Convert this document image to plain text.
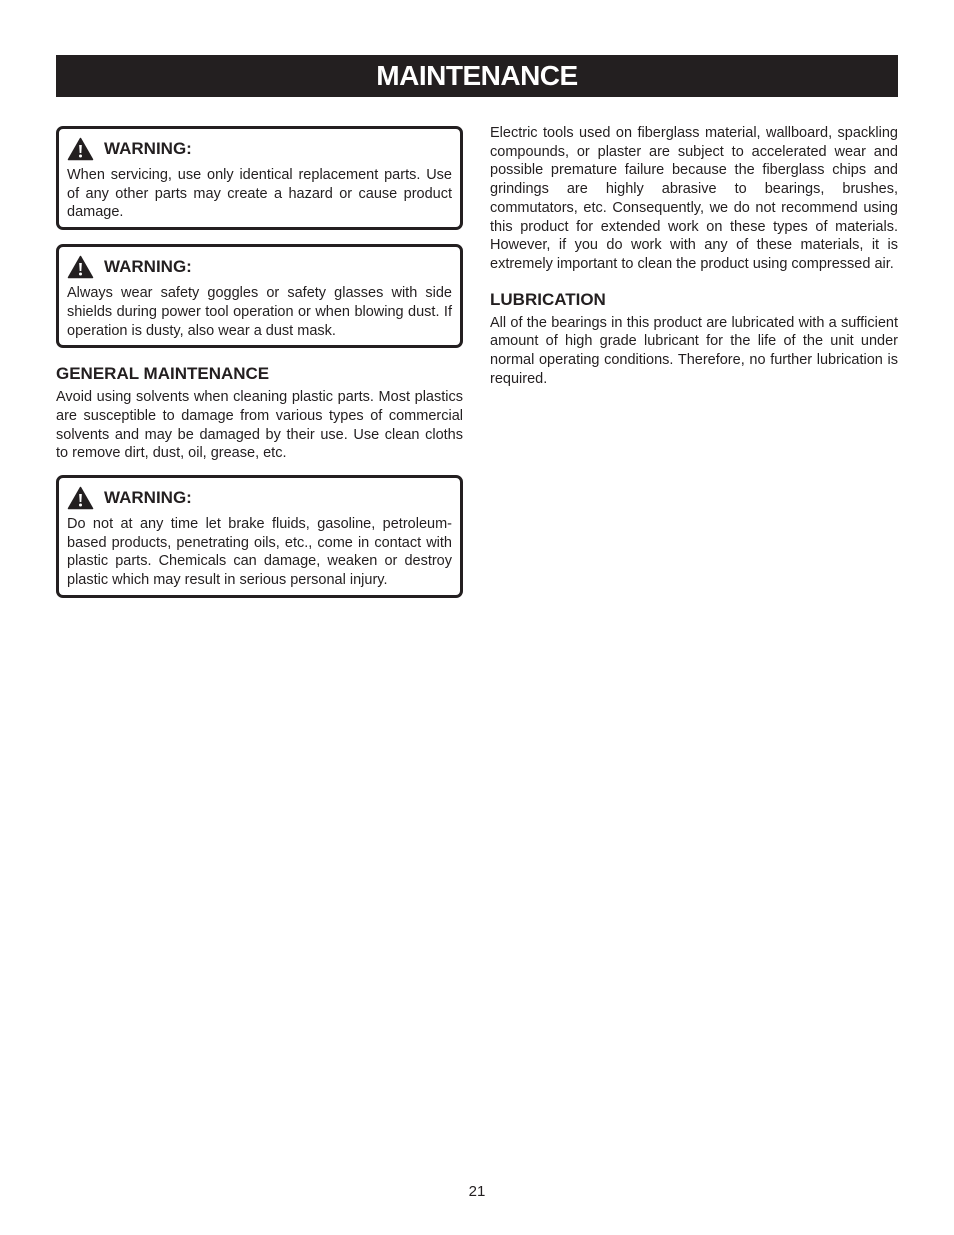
MAINTENANCE
WARNING:

When servicing, use only identical replacement parts. Use of any other parts may create a hazard or cause product damage.

WARNING:

Always wear safety goggles or safety glasses with side shields during power tool operation or when blowing dust. If operation is dusty, also wear a dust mask.

GENERAL MAINTENANCE

Avoid using solvents when cleaning plastic parts. Most plastics are susceptible to damage from various types of commercial solvents and may be damaged by their use. Use clean cloths to remove dirt, dust, oil, grease, etc.

WARNING:

Do not at any time let brake fluids, gasoline, petroleum-based products, penetrating oils, etc., come in contact with plastic parts. Chemicals can damage, weaken or destroy plastic which may result in serious personal injury.

Electric tools used on fiberglass material, wallboard, spackling compounds, or plaster are subject to accelerated wear and possible premature failure because the fiberglass chips and grindings are highly abrasive to bearings, brushes, commutators, etc. Consequently, we do not recommend using this product for extended work on these types of materials. However, if you do work with any of these materials, it is extremely important to clean the product using compressed air.

LUBRICATION

All of the bearings in this product are lubricated with a sufficient amount of high grade lubricant for the life of the unit under normal operating conditions. Therefore, no further lubrication is required.

21
